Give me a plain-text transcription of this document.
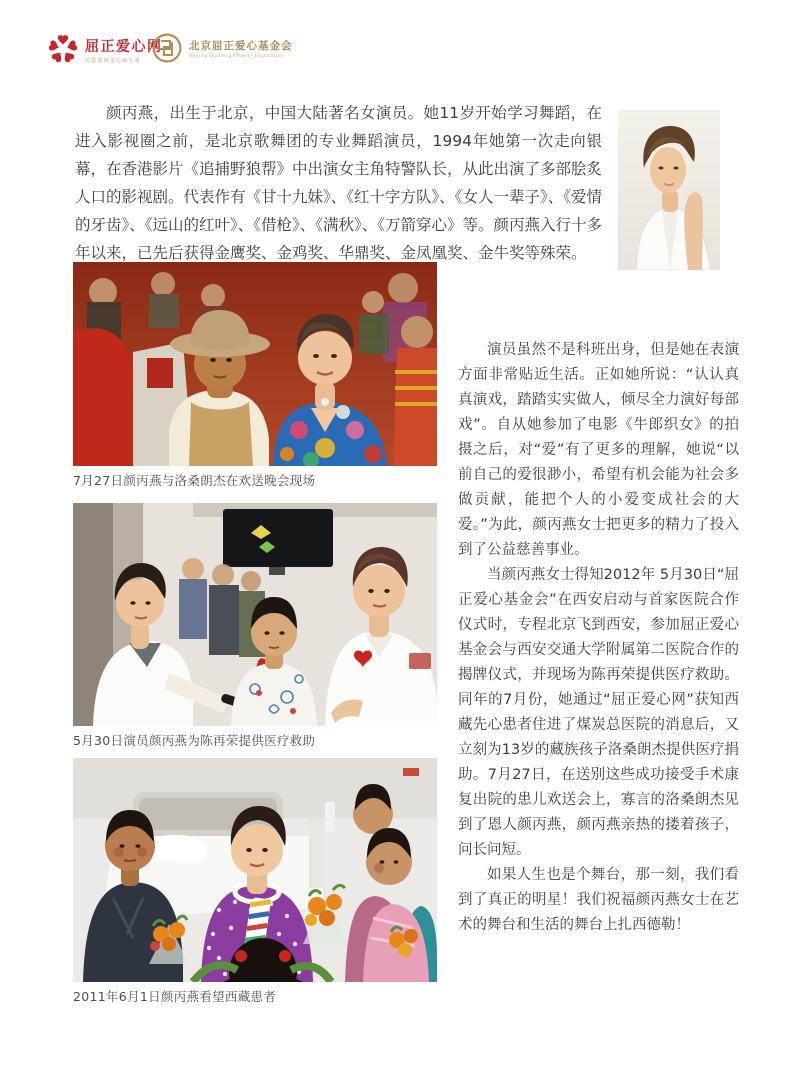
屈正爱心网
关爱贫困先心病儿童
北京屈正爱心基金会
Beijing Quzheng Charity Foundation

颜丙燕，出生于北京，中国大陆著名女演员。她11岁开始学习舞蹈，在进入影视圈之前，是北京歌舞团的专业舞蹈演员，1994年她第一次走向银幕，在香港影片《追捕野狼帮》中出演女主角特警队长，从此出演了多部脍炙人口的影视剧。代表作有《甘十九妹》、《红十字方队》、《女人一辈子》、《爱情的牙齿》、《远山的红叶》、《借枪》、《满秋》、《万箭穿心》等。颜丙燕入行十多年以来，已先后获得金鹰奖、金鸡奖、华鼎奖、金凤凰奖、金牛奖等殊荣。

7月27日颜丙燕与洛桑朗杰在欢送晚会现场
5月30日演员颜丙燕为陈再荣提供医疗救助
2011年6月1日颜丙燕看望西藏患者

演员虽然不是科班出身，但是她在表演方面非常贴近生活。正如她所说：“认认真真演戏，踏踏实实做人，倾尽全力演好每部戏”。自从她参加了电影《牛郎织女》的拍摄之后，对“爱”有了更多的理解，她说“以前自己的爱很渺小，希望有机会能为社会多做贡献，能把个人的小爱变成社会的大爱。”为此，颜丙燕女士把更多的精力了投入到了公益慈善事业。

当颜丙燕女士得知2012年 5月30日“屈正爱心基金会”在西安启动与首家医院合作仪式时，专程北京飞到西安，参加屈正爱心基金会与西安交通大学附属第二医院合作的揭牌仪式，并现场为陈再荣提供医疗救助。同年的7月份，她通过“屈正爱心网”获知西藏先心患者住进了煤炭总医院的消息后，又立刻为13岁的藏族孩子洛桑朗杰提供医疗捐助。7月27日，在送别这些成功接受手术康复出院的患儿欢送会上，寡言的洛桑朗杰见到了恩人颜丙燕，颜丙燕亲热的搂着孩子，问长问短。

如果人生也是个舞台，那一刻，我们看到了真正的明星！我们祝福颜丙燕女士在艺术的舞台和生活的舞台上扎西德勒！
